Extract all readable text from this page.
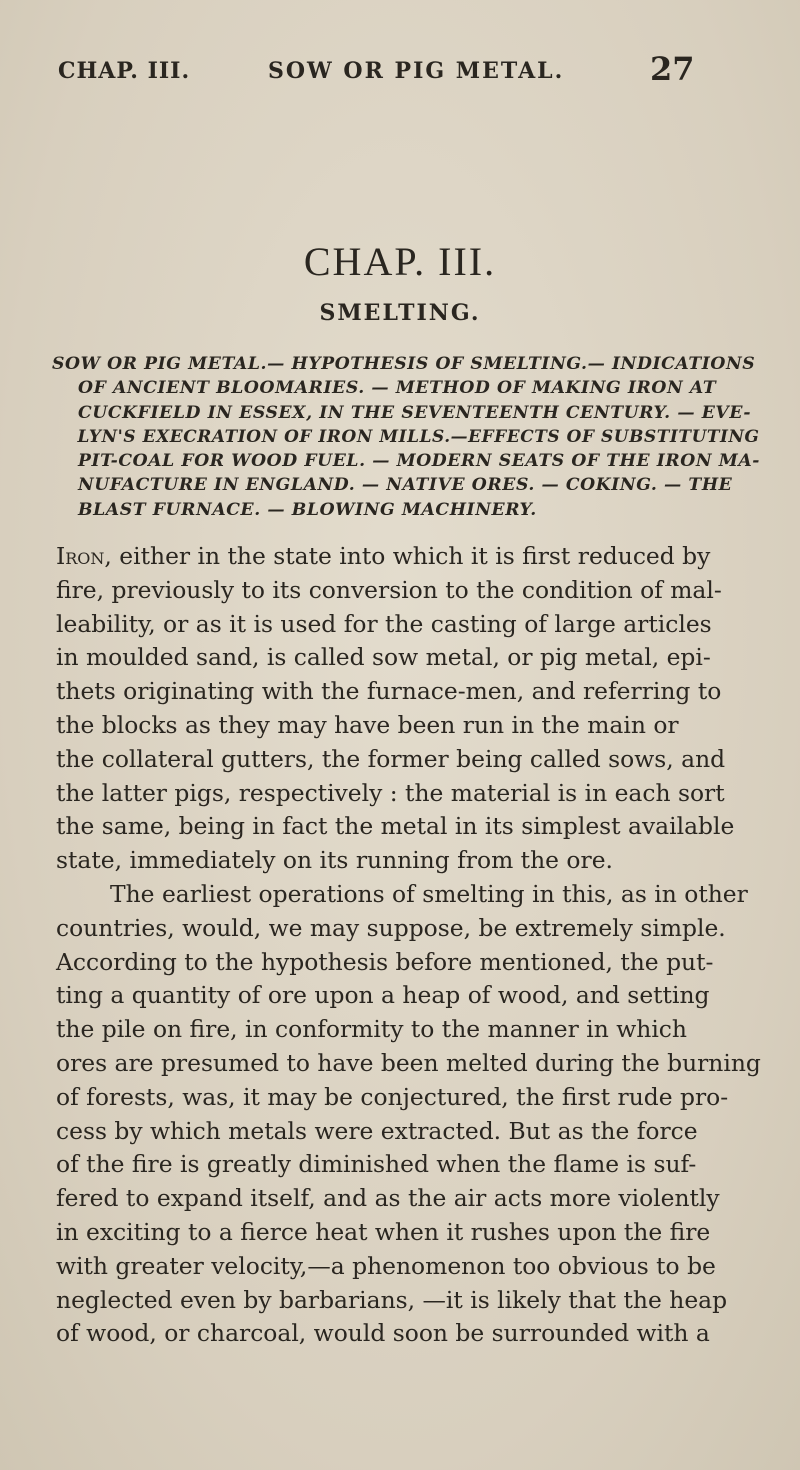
CHAP. III.	SOW OR PIG METAL.	27
CHAP. III.
SMELTING.
SOW OR PIG METAL.— HYPOTHESIS OF SMELTING.— INDICATIONS
OF ANCIENT BLOOMARIES. — METHOD OF MAKING IRON AT
CUCKFIELD IN ESSEX, IN THE SEVENTEENTH CENTURY. — EVE-
LYN'S EXECRATION OF IRON MILLS.—EFFECTS OF SUBSTITUTING
PIT-COAL FOR WOOD FUEL. — MODERN SEATS OF THE IRON MA-
NUFACTURE IN ENGLAND. — NATIVE ORES. — COKING. — THE
BLAST FURNACE. — BLOWING MACHINERY.
Iron, either in the state into which it is first reduced by
fire, previously to its conversion to the condition of mal-
leability, or as it is used for the casting of large articles
in moulded sand, is called sow metal, or pig metal, epi-
thets originating with the furnace-men, and referring to
the blocks as they may have been run in the main or
the collateral gutters, the former being called sows, and
the latter pigs, respectively : the material is in each sort
the same, being in fact the metal in its simplest available
state, immediately on its running from the ore.
The earliest operations of smelting in this, as in other
countries, would, we may suppose, be extremely simple.
According to the hypothesis before mentioned, the put-
ting a quantity of ore upon a heap of wood, and setting
the pile on fire, in conformity to the manner in which
ores are presumed to have been melted during the burning
of forests, was, it may be conjectured, the first rude pro-
cess by which metals were extracted. But as the force
of the fire is greatly diminished when the flame is suf-
fered to expand itself, and as the air acts more violently
in exciting to a fierce heat when it rushes upon the fire
with greater velocity,—a phenomenon too obvious to be
neglected even by barbarians, —it is likely that the heap
of wood, or charcoal, would soon be surrounded with a
